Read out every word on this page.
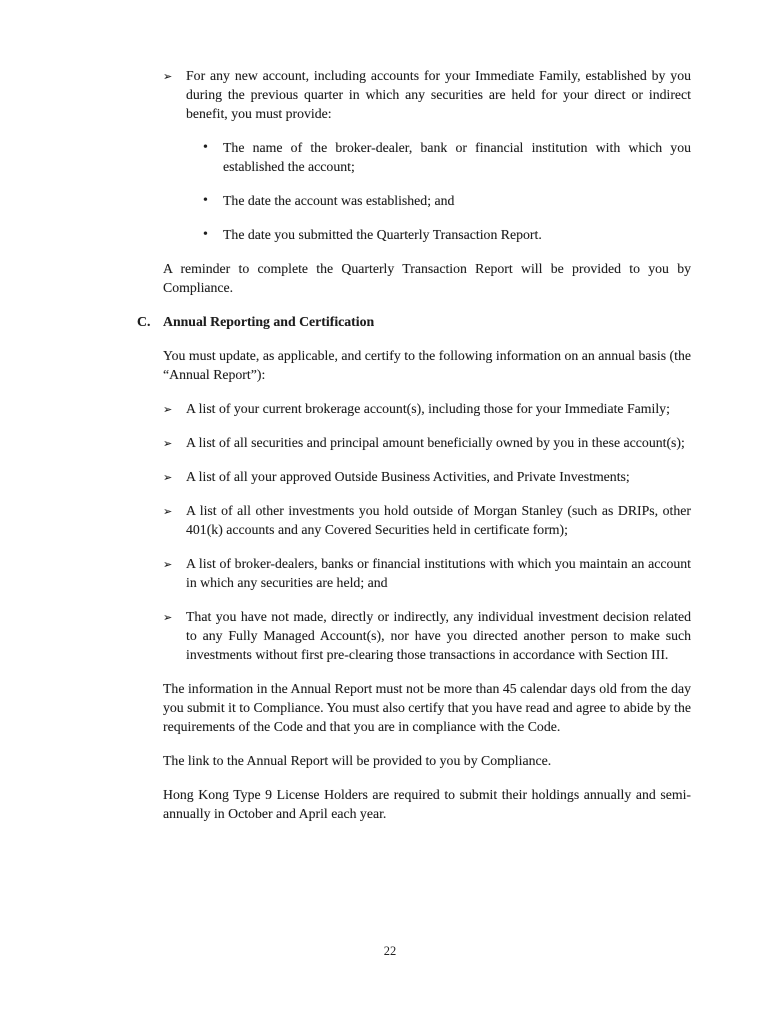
➢ For any new account, including accounts for your Immediate Family, established by you during the previous quarter in which any securities are held for your direct or indirect benefit, you must provide:
• The name of the broker-dealer, bank or financial institution with which you established the account;
• The date the account was established; and
• The date you submitted the Quarterly Transaction Report.

A reminder to complete the Quarterly Transaction Report will be provided to you by Compliance.

C. Annual Reporting and Certification

You must update, as applicable, and certify to the following information on an annual basis (the “Annual Report”):

➢ A list of your current brokerage account(s), including those for your Immediate Family;
➢ A list of all securities and principal amount beneficially owned by you in these account(s);
➢ A list of all your approved Outside Business Activities, and Private Investments;
➢ A list of all other investments you hold outside of Morgan Stanley (such as DRIPs, other 401(k) accounts and any Covered Securities held in certificate form);
➢ A list of broker-dealers, banks or financial institutions with which you maintain an account in which any securities are held; and
➢ That you have not made, directly or indirectly, any individual investment decision related to any Fully Managed Account(s), nor have you directed another person to make such investments without first pre-clearing those transactions in accordance with Section III.

The information in the Annual Report must not be more than 45 calendar days old from the day you submit it to Compliance. You must also certify that you have read and agree to abide by the requirements of the Code and that you are in compliance with the Code.

The link to the Annual Report will be provided to you by Compliance.

Hong Kong Type 9 License Holders are required to submit their holdings annually and semi-annually in October and April each year.

22
